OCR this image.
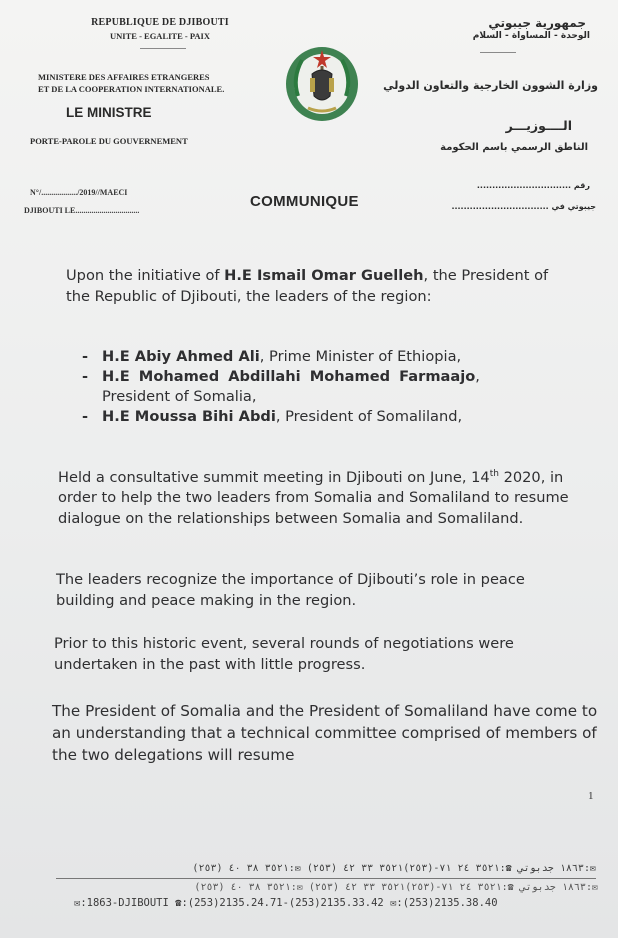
REPUBLIQUE DE DJIBOUTI
UNITE - EGALITE - PAIX
MINISTERE DES AFFAIRES ETRANGERES
ET DE LA COOPERATION INTERNATIONALE.
LE MINISTRE
PORTE-PAROLE DU GOUVERNEMENT
جمهورية جيبوتي
الوحدة - المساواة - السلام
وزارة الشوون الخارجية والتعاون الدولي
الــــوزيـــر
الناطق الرسمي باسم الحكومة
رقم ...............................
جيبوتي في ................................
N°/................../2019//MAECI
DJIBOUTI LE................................
COMMUNIQUE
Upon the initiative of H.E Ismail Omar Guelleh, the President of the Republic of Djibouti, the leaders of the region:
- H.E Abiy Ahmed Ali, Prime Minister of Ethiopia,
- H.E Mohamed Abdillahi Mohamed Farmaajo, President of Somalia,
- H.E Moussa Bihi Abdi, President of Somaliland,
Held a consultative summit meeting in Djibouti on June, 14th 2020, in order to help the two leaders from Somalia and Somaliland to resume dialogue on the relationships between Somalia and Somaliland.
The leaders recognize the importance of Djibouti’s role in peace building and peace making in the region.
Prior to this historic event, several rounds of negotiations were undertaken in the past with little progress.
The President of Somalia and the President of Somaliland have come to an understanding that a technical committee comprised of members of the two delegations will resume
1
✉:١٨٦٣ جدبوتي ☎:٣٥٢١ ٢٤ ٧١-(٢٥٣)٣٥٢١ ٣٣ ٤٢ (٢٥٣) ✉:٣٥٢١ ٣٨ ٤٠ (٢٥٣)
✉:١٨٦٣ جدبوتي ☎:٣٥٢١ ٢٤ ٧١-(٢٥٣)٣٥٢١ ٣٣ ٤٢ (٢٥٣) ✉:٣٥٢١ ٣٨ ٤٠ (٢٥٣)
✉:1863-DJIBOUTI ☎:(253)2135.24.71-(253)2135.33.42 ✉:(253)2135.38.40
